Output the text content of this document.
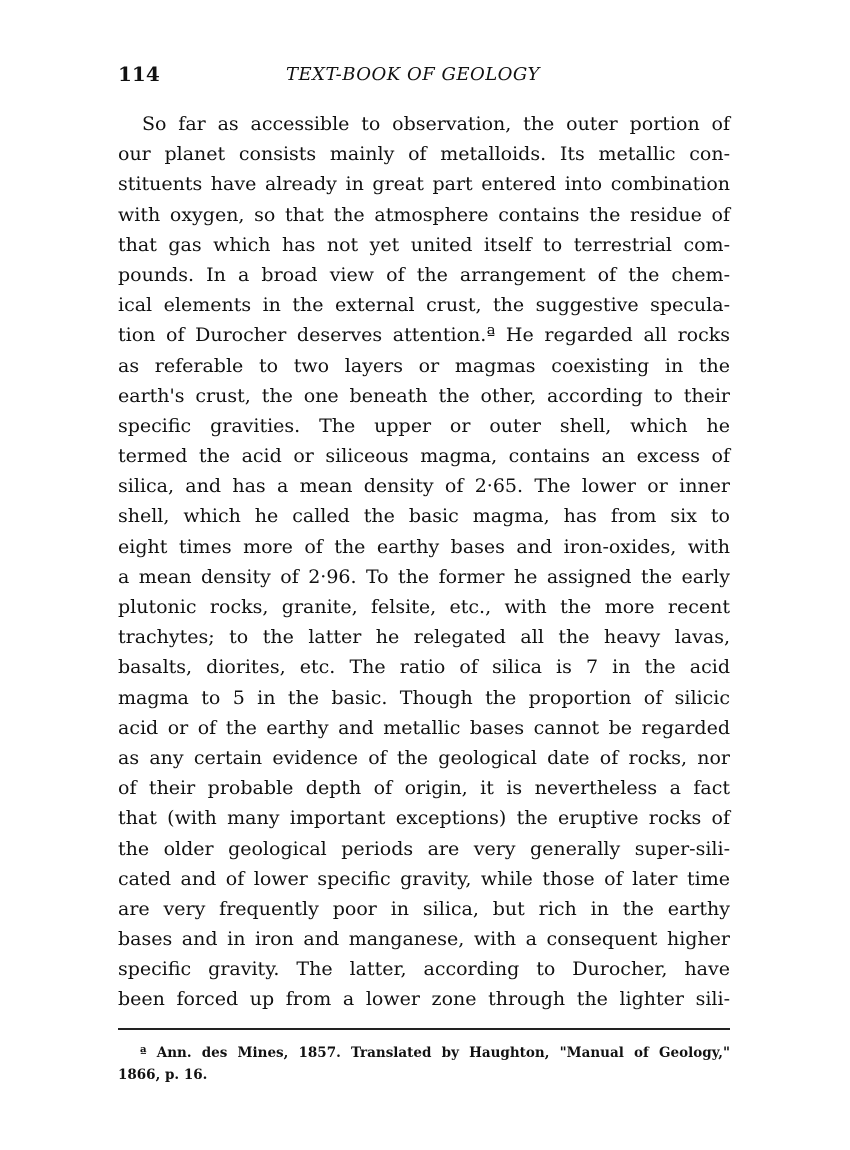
114	TEXT-BOOK OF GEOLOGY
So far as accessible to observation, the outer portion of
our planet consists mainly of metalloids. Its metallic con-
stituents have already in great part entered into combination
with oxygen, so that the atmosphere contains the residue of
that gas which has not yet united itself to terrestrial com-
pounds. In a broad view of the arrangement of the chem-
ical elements in the external crust, the suggestive specula-
tion of Durocher deserves attention.ª He regarded all rocks
as referable to two layers or magmas coexisting in the
earth's crust, the one beneath the other, according to their
specific gravities. The upper or outer shell, which he
termed the acid or siliceous magma, contains an excess of
silica, and has a mean density of 2·65. The lower or inner
shell, which he called the basic magma, has from six to
eight times more of the earthy bases and iron-oxides, with
a mean density of 2·96. To the former he assigned the early
plutonic rocks, granite, felsite, etc., with the more recent
trachytes; to the latter he relegated all the heavy lavas,
basalts, diorites, etc. The ratio of silica is 7 in the acid
magma to 5 in the basic. Though the proportion of silicic
acid or of the earthy and metallic bases cannot be regarded
as any certain evidence of the geological date of rocks, nor
of their probable depth of origin, it is nevertheless a fact
that (with many important exceptions) the eruptive rocks of
the older geological periods are very generally super-sili-
cated and of lower specific gravity, while those of later time
are very frequently poor in silica, but rich in the earthy
bases and in iron and manganese, with a consequent higher
specific gravity. The latter, according to Durocher, have
been forced up from a lower zone through the lighter sili-
ª Ann. des Mines, 1857. Translated by Haughton, "Manual of Geology,"
1866, p. 16.
